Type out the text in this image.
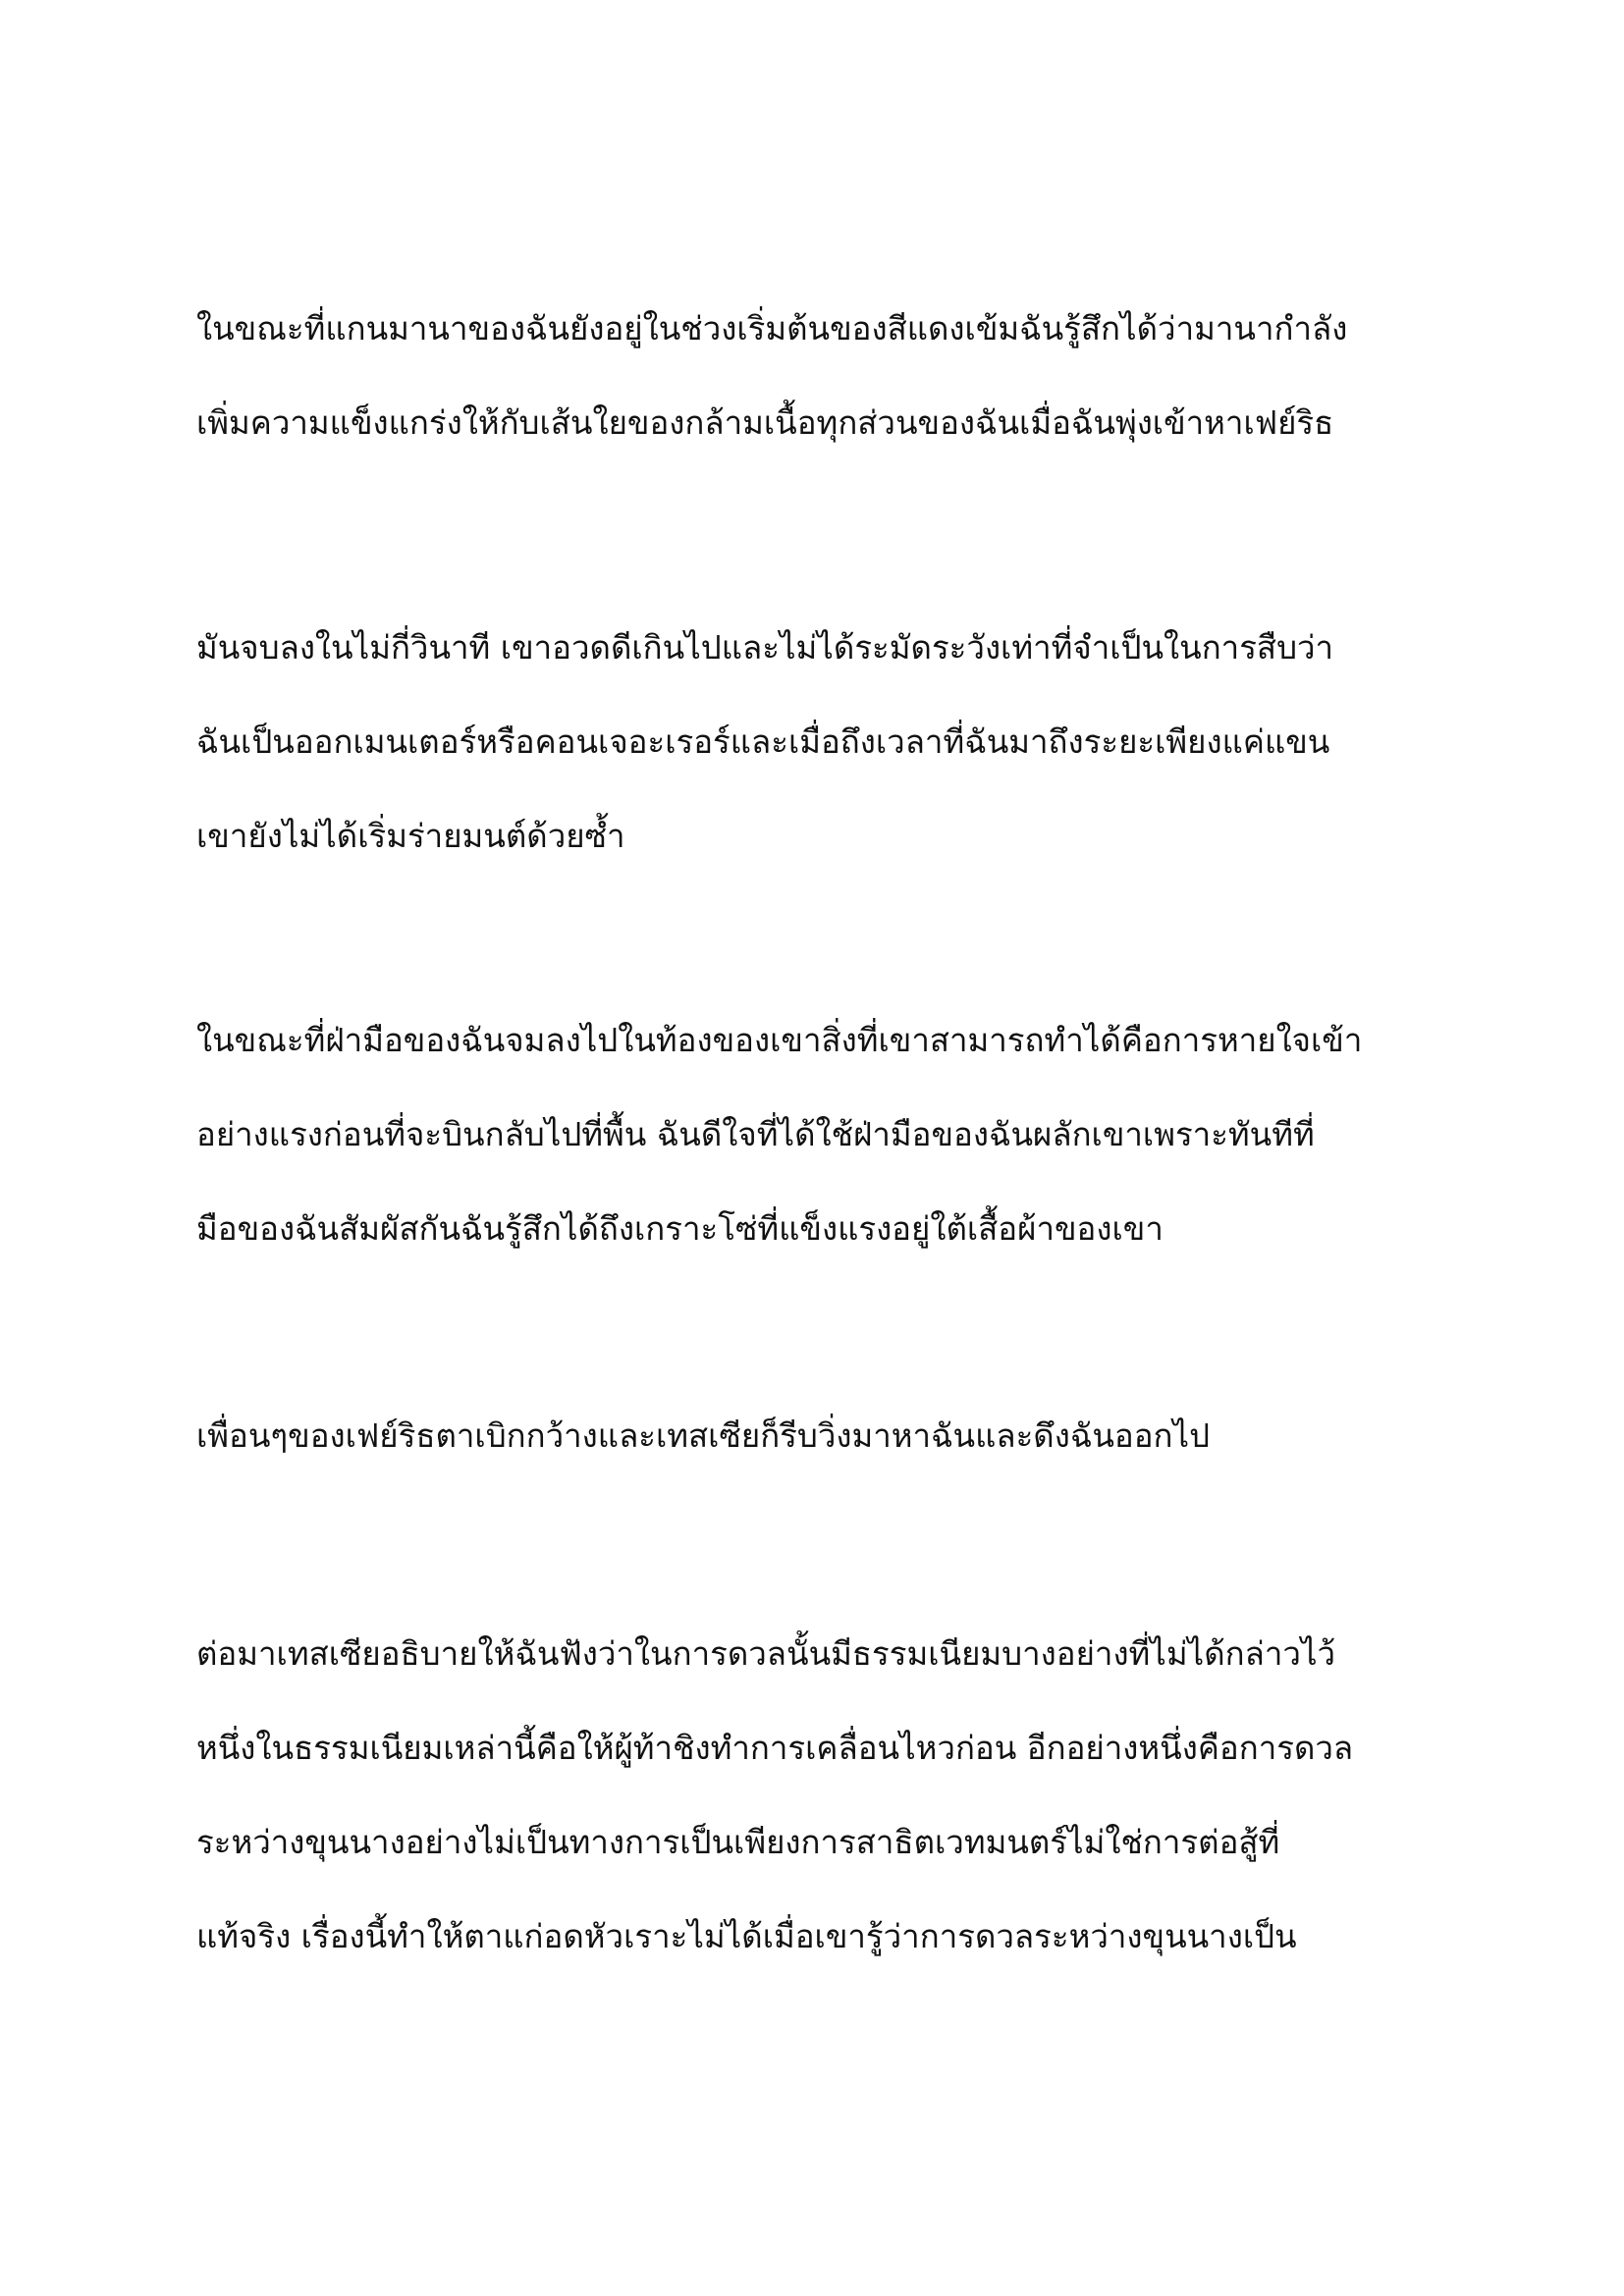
ในขณะที่แกนมานาของฉันยังอยู่ในช่วงเริ่มต้นของสีแดงเข้มฉันรู้สึกได้ว่ามานากำลัง
เพิ่มความแข็งแกร่งให้กับเส้นใยของกล้ามเนื้อทุกส่วนของฉันเมื่อฉันพุ่งเข้าหาเฟย์ริธ
มันจบลงในไม่กี่วินาที เขาอวดดีเกินไปและไม่ได้ระมัดระวังเท่าที่จำเป็นในการสืบว่า
ฉันเป็นออกเมนเตอร์หรือคอนเจอะเรอร์และเมื่อถึงเวลาที่ฉันมาถึงระยะเพียงแค่แขน
เขายังไม่ได้เริ่มร่ายมนต์ด้วยซ้ำ
ในขณะที่ฝ่ามือของฉันจมลงไปในท้องของเขาสิ่งที่เขาสามารถทำได้คือการหายใจเข้า
อย่างแรงก่อนที่จะบินกลับไปที่พื้น ฉันดีใจที่ได้ใช้ฝ่ามือของฉันผลักเขาเพราะทันทีที่
มือของฉันสัมผัสกันฉันรู้สึกได้ถึงเกราะโซ่ที่แข็งแรงอยู่ใต้เสื้อผ้าของเขา
เพื่อนๆของเฟย์ริธตาเบิกกว้างและเทสเซียก็รีบวิ่งมาหาฉันและดึงฉันออกไป
ต่อมาเทสเซียอธิบายให้ฉันฟังว่าในการดวลนั้นมีธรรมเนียมบางอย่างที่ไม่ได้กล่าวไว้
หนึ่งในธรรมเนียมเหล่านี้คือให้ผู้ท้าชิงทำการเคลื่อนไหวก่อน อีกอย่างหนึ่งคือการดวล
ระหว่างขุนนางอย่างไม่เป็นทางการเป็นเพียงการสาธิตเวทมนตร์ไม่ใช่การต่อสู้ที่
แท้จริง เรื่องนี้ทำให้ตาแก่อดหัวเราะไม่ได้เมื่อเขารู้ว่าการดวลระหว่างขุนนางเป็น
